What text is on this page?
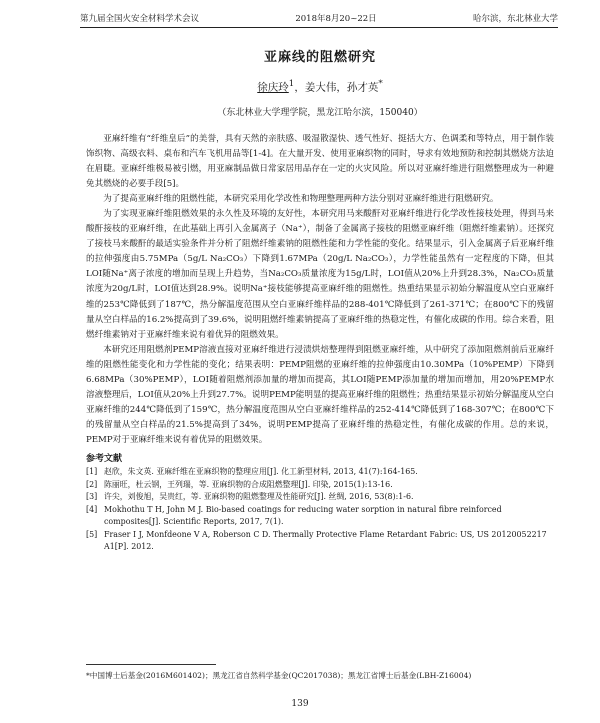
第九届全国火安全材料学术会议	2018年8月20~22日	哈尔滨，东北林业大学
亚麻线的阻燃研究
徐庆玲$^1$，姜大伟，孙才英*
（东北林业大学理学院，黑龙江哈尔滨，150040）

亚麻纤维有“纤维皇后”的美誉，具有天然的亲肤感、吸湿散湿快、透气性好、挺括大方、色调柔和等特点，用于制作装饰织物、高级衣料、桌布和汽车飞机用品等[1-4]。在大量开发、使用亚麻织物的同时，导求有效地预防和控制其燃烧方法迫在眉睫。亚麻纤维极易被引燃，用亚麻制品做日常家居用品存在一定的火灾风险。所以对亚麻纤维进行阻燃整理成为一种避免其燃烧的必要手段[5]。

为了提高亚麻纤维的阻燃性能，本研究采用化学改性和物理整理两种方法分别对亚麻纤维进行阻燃研究。

为了实现亚麻纤维阻燃效果的永久性及环境的友好性，本研究用马来酸酐对亚麻纤维进行化学改性接枝处理，得到马来酸酐接枝的亚麻纤维，在此基础上再引入金属离子（Na⁺），制备了金属离子接枝的阻燃亚麻纤维（阻燃纤维素钠）。还探究了接枝马来酸酐的最适实验条件并分析了阻燃纤维素钠的阻燃性能和力学性能的变化。结果显示，引入金属离子后亚麻纤维的拉伸强度由5.75MPa（5g/L Na₂CO₃）下降到1.67MPa（20g/L Na₂CO₃），力学性能虽然有一定程度的下降，但其LOI随Na⁺离子浓度的增加而呈现上升趋势，当Na₂CO₃质量浓度为15g/L时，LOI值从20%上升到28.3%，Na₂CO₃质量浓度为20g/L时，LOI值达到28.9%。说明Na⁺接枝能够提高亚麻纤维的阻燃性。热重结果显示初始分解温度从空白亚麻纤维的253℃降低到了187℃，热分解温度范围从空白亚麻纤维样品的288-401℃降低到了261-371℃；在800℃下的残留量从空白样品的16.2%提高到了39.6%，说明阻燃纤维素钠提高了亚麻纤维的热稳定性，有催化成碳的作用。综合来看，阻燃纤维素钠对于亚麻纤维来说有着优异的阻燃效果。

本研究还用阻燃剂PEMP溶液直接对亚麻纤维进行浸渍烘焙整理得到阻燃亚麻纤维，从中研究了添加阻燃剂前后亚麻纤维的阻燃性能变化和力学性能的变化；结果表明：PEMP阻燃的亚麻纤维的拉伸强度由10.30MPa（10%PEMP）下降到6.68MPa（30%PEMP），LOI随着阻燃剂添加量的增加而提高，其LOI随PEMP添加量的增加而增加，用20%PEMP水溶液整理后，LOI值从20%上升到27.7%。说明PEMP能明显的提高亚麻纤维的阻燃性；热重结果显示初始分解温度从空白亚麻纤维的244℃降低到了159℃，热分解温度范围从空白亚麻纤维样品的252-414℃降低到了168-307℃；在800℃下的残留量从空白样品的21.5%提高到了34%，说明PEMP提高了亚麻纤维的热稳定性，有催化成碳的作用。总的来说，PEMP对于亚麻纤维来说有着优异的阻燃效果。

参考文献
[1] 赵欣，朱文英. 亚麻纤维在亚麻织物的整理应用[J]. 化工新型材料, 2013, 41(7):164-165.
[2] 陈丽旺，杜云钢，王列瑞，等. 亚麻织物的合成阻燃整理[J]. 印染, 2015(1):13-16.
[3] 许尖，刘俊旭，吴贵红，等. 亚麻织物的阻燃整理及性能研究[J]. 丝绸, 2016, 53(8):1-6.
[4] Mokhothu T H, John M J. Bio-based coatings for reducing water sorption in natural fibre reinforced composites[J]. Scientific Reports, 2017, 7(1).
[5] Fraser I J, Monfdeone V A, Roberson C D. Thermally Protective Flame Retardant Fabric: US, US 20120052217 A1[P]. 2012.
*中国博士后基金(2016M601402)；黑龙江省自然科学基金(QC2017038)；黑龙江省博士后基金(LBH-Z16004)
139
